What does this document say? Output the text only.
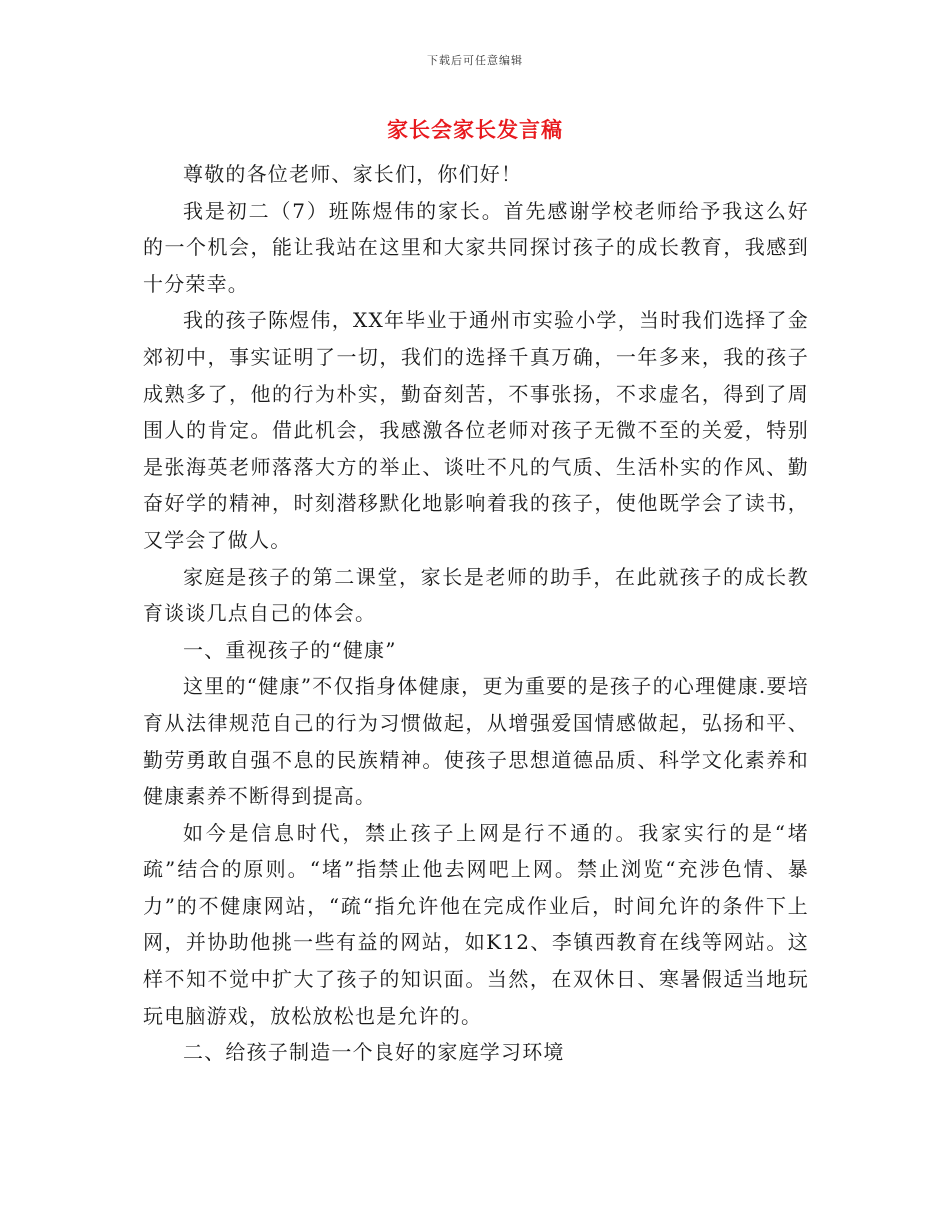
下载后可任意编辑
家长会家长发言稿

尊敬的各位老师、家长们，你们好！

我是初二（7）班陈煜伟的家长。首先感谢学校老师给予我这么好的一个机会，能让我站在这里和大家共同探讨孩子的成长教育，我感到十分荣幸。

我的孩子陈煜伟，XX年毕业于通州市实验小学，当时我们选择了金郊初中，事实证明了一切，我们的选择千真万确，一年多来，我的孩子成熟多了，他的行为朴实，勤奋刻苦，不事张扬，不求虚名，得到了周围人的肯定。借此机会，我感激各位老师对孩子无微不至的关爱，特别是张海英老师落落大方的举止、谈吐不凡的气质、生活朴实的作风、勤奋好学的精神，时刻潜移默化地影响着我的孩子，使他既学会了读书，又学会了做人。

家庭是孩子的第二课堂，家长是老师的助手，在此就孩子的成长教育谈谈几点自己的体会。

一、重视孩子的“健康”

这里的“健康”不仅指身体健康，更为重要的是孩子的心理健康.要培育从法律规范自己的行为习惯做起，从增强爱国情感做起，弘扬和平、勤劳勇敢自强不息的民族精神。使孩子思想道德品质、科学文化素养和健康素养不断得到提高。

如今是信息时代，禁止孩子上网是行不通的。我家实行的是“堵疏”结合的原则。“堵”指禁止他去网吧上网。禁止浏览“充涉色情、暴力”的不健康网站，“疏“指允许他在完成作业后，时间允许的条件下上网，并协助他挑一些有益的网站，如K12、李镇西教育在线等网站。这样不知不觉中扩大了孩子的知识面。当然，在双休日、寒暑假适当地玩玩电脑游戏，放松放松也是允许的。

二、给孩子制造一个良好的家庭学习环境
